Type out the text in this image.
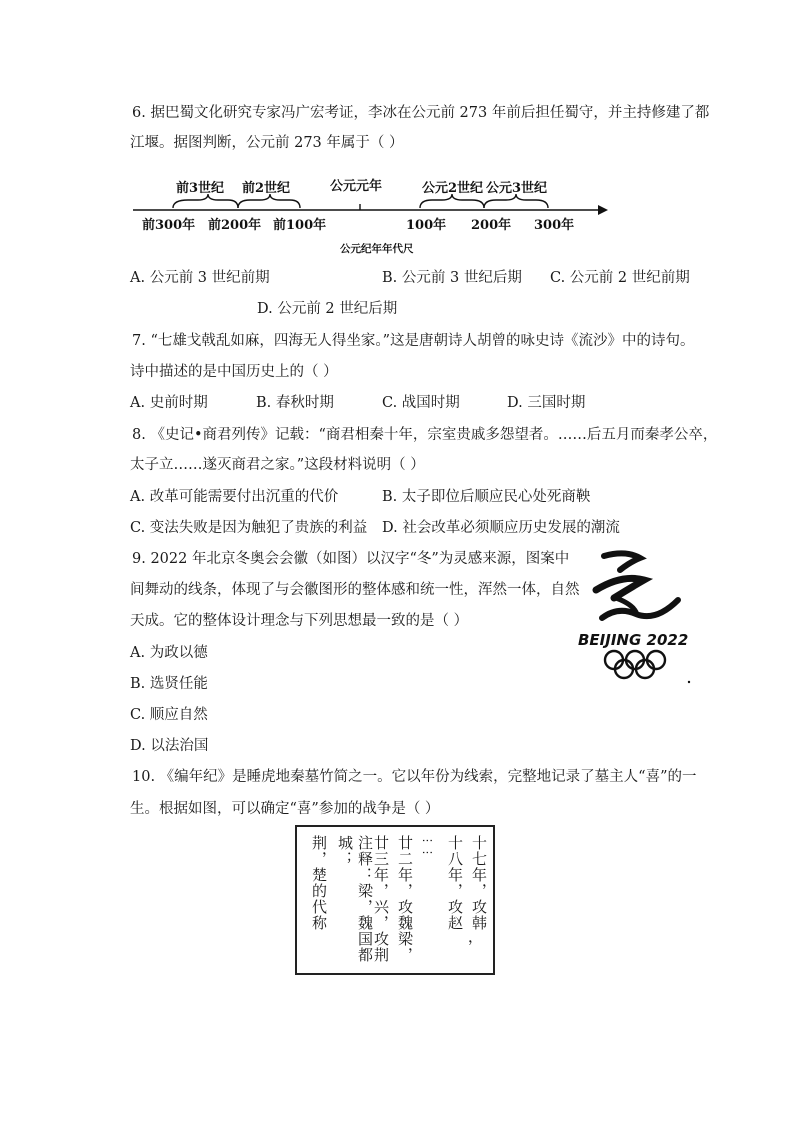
6. 据巴蜀文化研究专家冯广宏考证，李冰在公元前 273 年前后担任蜀守，并主持修建了都
江堰。据图判断，公元前 273 年属于（ ）
前3世纪 前2世纪	公元元年	公元2世纪 公元3世纪
前300年 前200年 前100年	100年 200年 300年
公元纪年年代尺
A. 公元前 3 世纪前期	B. 公元前 3 世纪后期 C. 公元前 2 世纪前期
D. 公元前 2 世纪后期
7. “七雄戈戟乱如麻，四海无人得坐家。”这是唐朝诗人胡曾的咏史诗《流沙》中的诗句。
诗中描述的是中国历史上的（ ）
A. 史前时期	B. 春秋时期	C. 战国时期	D. 三国时期
8. 《史记•商君列传》记载：“商君相秦十年，宗室贵戚多怨望者。……后五月而秦孝公卒，
太子立……遂灭商君之家。”这段材料说明（ ）
A. 改革可能需要付出沉重的代价	B. 太子即位后顺应民心处死商鞅
C. 变法失败是因为触犯了贵族的利益 D. 社会改革必须顺应历史发展的潮流
9. 2022 年北京冬奥会会徽（如图）以汉字“冬”为灵感来源，图案中
间舞动的线条，体现了与会徽图形的整体感和统一性，浑然一体，自然
天成。它的整体设计理念与下列思想最一致的是（ ）
BEIJING 2022
A. 为政以德
B. 选贤任能
C. 顺应自然
D. 以法治国
10. 《编年纪》是睡虎地秦墓竹简之一。它以年份为线索，完整地记录了墓主人“喜”的一
生。根据如图，可以确定“喜”参加的战争是（ ）
十七年，攻韩
十八年，攻赵
，
⋮⋮
廿二年，攻魏梁，
廿三年，兴，攻荆
注释：梁，魏国都城；
荆，楚的代称
